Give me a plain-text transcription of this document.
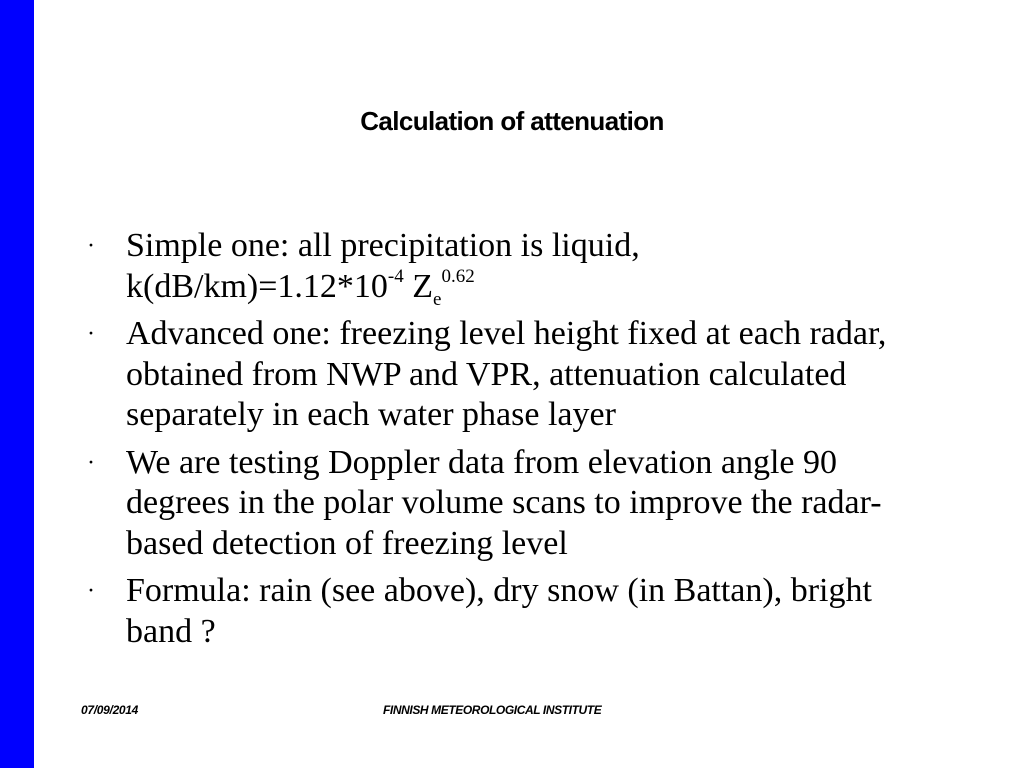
Calculation of attenuation
· Simple one: all precipitation is liquid,
$k(dB/km)=1.12*10^{-4}$ $Z_e^{0.62}$
· Advanced one: freezing level height fixed at each radar, obtained from NWP and VPR, attenuation calculated separately in each water phase layer
· We are testing Doppler data from elevation angle 90 degrees in the polar volume scans to improve the radar-based detection of freezing level
· Formula: rain (see above), dry snow (in Battan), bright band ?
07/09/2014	FINNISH METEOROLOGICAL INSTITUTE
